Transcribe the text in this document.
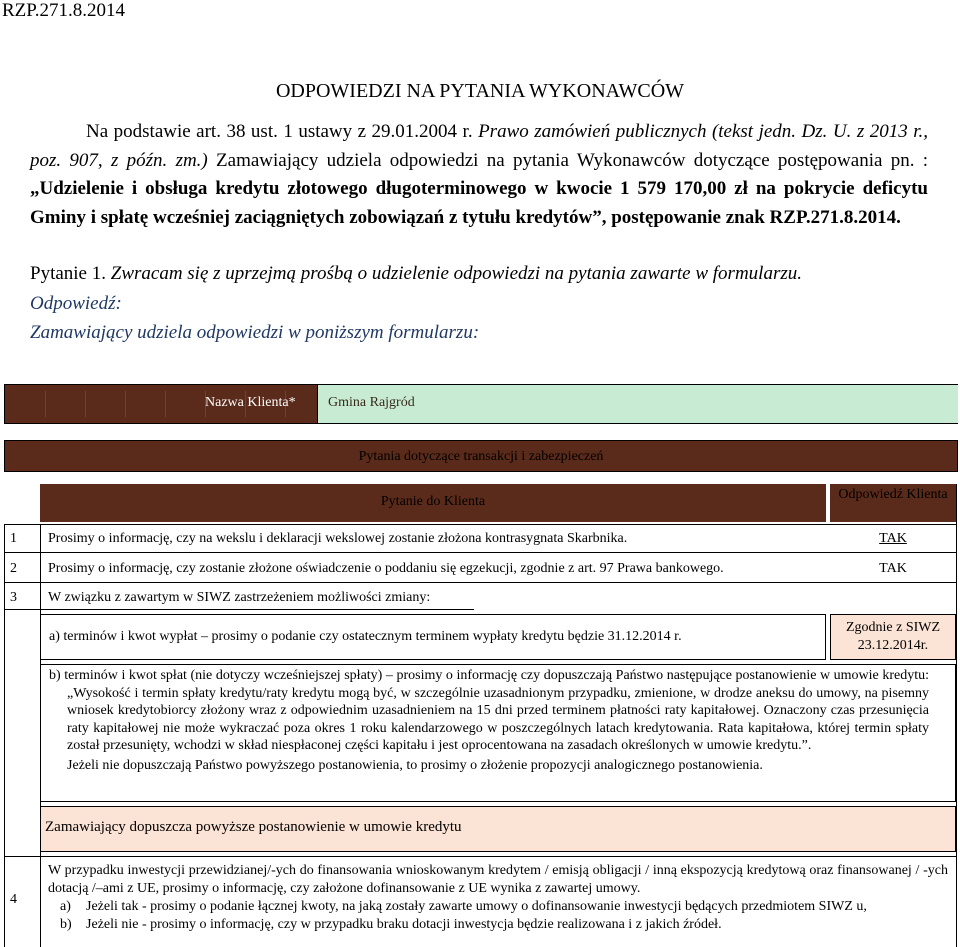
RZP.271.8.2014
ODPOWIEDZI NA PYTANIA WYKONAWCÓW
Na podstawie art. 38 ust. 1 ustawy z 29.01.2004 r. Prawo zamówień publicznych (tekst jedn. Dz. U. z 2013 r., poz. 907, z późn. zm.) Zamawiający udziela odpowiedzi na pytania Wykonawców dotyczące postępowania pn. : „Udzielenie i obsługa kredytu złotowego długoterminowego w kwocie 1 579 170,00 zł na pokrycie deficytu Gminy i spłatę wcześniej zaciągniętych zobowiązań z tytułu kredytów”, postępowanie znak RZP.271.8.2014.
Pytanie 1. Zwracam się z uprzejmą prośbą o udzielenie odpowiedzi na pytania zawarte w formularzu.
Odpowiedź:
Zamawiający udziela odpowiedzi w poniższym formularzu:
Nazwa Klienta* Gmina Rajgród
Pytania dotyczące transakcji i zabezpieczeń
Pytanie do Klienta	Odpowiedź Klienta
1 Prosimy o informację, czy na wekslu i deklaracji wekslowej zostanie złożona kontrasygnata Skarbnika.	TAK
2 Prosimy o informację, czy zostanie złożone oświadczenie o poddaniu się egzekucji, zgodnie z art. 97 Prawa bankowego.	TAK
3 W związku z zawartym w SIWZ zastrzeżeniem możliwości zmiany:
a) terminów i kwot wypłat – prosimy o podanie czy ostatecznym terminem wypłaty kredytu będzie 31.12.2014 r.
Zgodnie z SIWZ 23.12.2014r.
b) terminów i kwot spłat (nie dotyczy wcześniejszej spłaty) – prosimy o informację czy dopuszczają Państwo następujące postanowienie w umowie kredytu: „Wysokość i termin spłaty kredytu/raty kredytu mogą być, w szczególnie uzasadnionym przypadku, zmienione, w drodze aneksu do umowy, na pisemny wniosek kredytobiorcy złożony wraz z odpowiednim uzasadnieniem na 15 dni przed terminem płatności raty kapitałowej. Oznaczony czas przesunięcia raty kapitałowej nie może wykraczać poza okres 1 roku kalendarzowego w poszczególnych latach kredytowania. Rata kapitałowa, której termin spłaty został przesunięty, wchodzi w skład niespłaconej części kapitału i jest oprocentowana na zasadach określonych w umowie kredytu.”.
Jeżeli nie dopuszczają Państwo powyższego postanowienia, to prosimy o złożenie propozycji analogicznego postanowienia.
Zamawiający dopuszcza powyższe postanowienie w umowie kredytu
4
W przypadku inwestycji przewidzianej/-ych do finansowania wnioskowanym kredytem / emisją obligacji / inną ekspozycją kredytową oraz finansowanej / -ych dotacją /–ami z UE, prosimy o informację, czy założone dofinansowanie z UE wynika z zawartej umowy.
a) Jeżeli tak - prosimy o podanie łącznej kwoty, na jaką zostały zawarte umowy o dofinansowanie inwestycji będących przedmiotem SIWZ u,
b) Jeżeli nie - prosimy o informację, czy w przypadku braku dotacji inwestycja będzie realizowana i z jakich źródeł.
